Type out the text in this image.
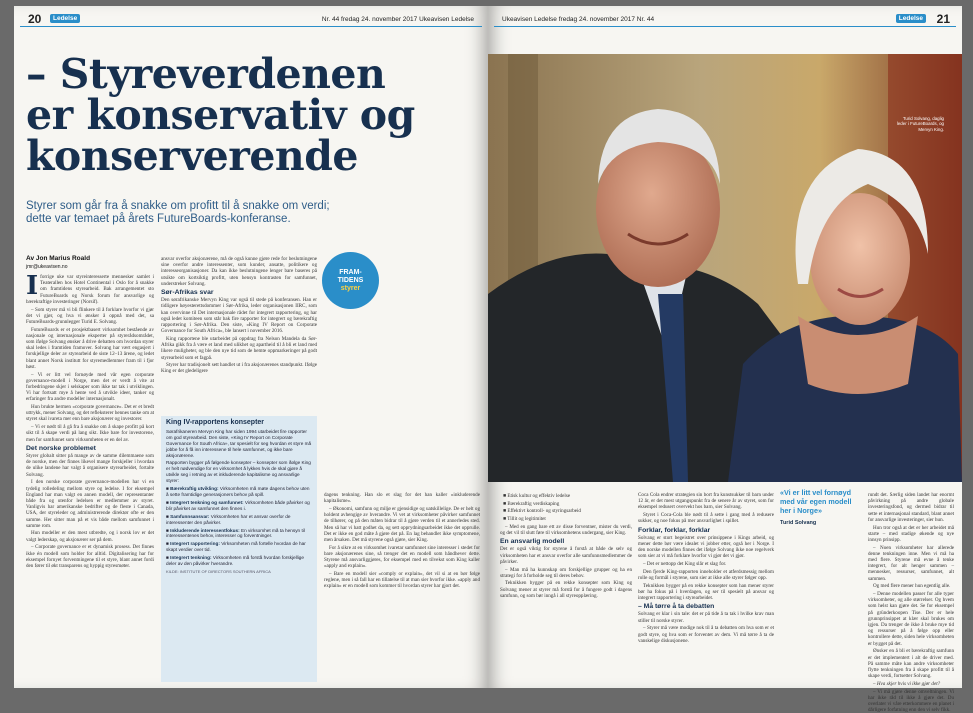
20	Ledelse	Nr. 44 fredag 24. november 2017 Ukeavisen Ledelse
– Styreverdenen
er konservativ og
konserverende
Styrer som går fra å snakke om profitt til å snakke om verdi; dette var temaet på årets FutureBoards-konferanse.
Av Jon Marius Roald
jmr@ukeavisen.no
FRAM-
TIDENS
styrer

Iforrige uke var styreinteresserte mennesker samlet i Teaterallen hos Hotel Continental i Oslo for å snakke om framtidens styrearbeid. Bak arrangementet sto FutureBoards og Norsk forum for ansvarlige og bærekraftige investeringer (Norsif).

– Som styrer må vi bli flinkere til å forklare hvorfor vi gjør det vi gjør, og hva vi ønsker å oppnå med det, sa FutureBoards-grunnlegger Turid E. Solvang.

FutureBoards er et prosjektbasert virksomhet bestående av nasjonale og internasjonale eksperter på styrerådsområdet, som ifølge Solvang ønsker å drive debatten om hvordan styrer skal ledes i framtiden framover. Solvang har vært engasjert i forskjellige deler av styrearbeid de siste 12–13 årene, og ledet blant annet Norsk institutt for styremedlemmer fram til i fjor høst.

– Vi er litt vel fornøyde med vår egen corporate governance-modell i Norge, men det er verdt å vite at forbedringene skjer i selskaper som ikke tar tak i utviklingen. Vi har fortsatt mye å hente ved å utvikle ideer, tanker og erfaringer fra andre modeller internasjonalt.

Hun brukte hermen «corporate governance». Det er et bredt uttrykk, mener Solvang, og det refleksterer hennes tanke om at styret skal ivareta mer enn bare aksjonærer og investorer.

– Vi er nødt til å gå fra å snakke om å skape profitt på kort sikt til å skape verdi på lang sikt. Ikke bare for investorene, men for samfunnet som virksomheten er en del av.

Det norske problemet

Styrer globalt sitter på mange av de samme dilemmaene som de norske, men der finnes likevel mange forskjeller i hvordan de ulike landene har valgt å organisere styrearbeidet, fortalte Solvang.

I den norske corporate governance-modellen har vi en tydelig rolledeling mellom styre og ledelse. I for eksempel England har man valgt en annen modell, der representanter både fra og utenfor ledelsen er medlemmer av styret. Vanligvis har amerikanske bedrifter og de fleste i Canada, USA, der styreleder og administrerende direktør ofte er den samme. Her sitter man på et vis både mellom samfunnet i samme rom.

Hun modeller er den mest utbredte, og i norsk lov er det valgt lederskap, og aksjonærer ser på dem.

– Corporate governance er et dynamisk prosess. Det finnes ikke én modell som holder for alltid. Digitalisering har for eksempel fornyet forventningene til et styre, blant annet fordi den fører til økt transparens og hyppig styresmøter.

ansvar overfor aksjonærene, må de også kunne gjøre rede for beslutningene sine overfor andre interessenter, som kunder, ansatte, politikere og interesseorganisasjoner. Da kan ikke beslutningene lenger bare baseres på utsikte om kortsiktig profitt, uten hensyn kontrasten for samfunnet, understreker Solvang.

Sør-Afrikas svar

Den sørafrikanske Mervyn King var også til stede på konferansen. Han er tidligere høyesterettsdommer i Sør-Afrika, leder organisasjonen IIRC, som kan overvinne til Det internasjonale rådet for integrert rapportering, og har også ledet komiteen som står bak fire rapporter for integrert og bærekraftig rapportering i Sør-Afrika. Den siste, «King IV Report on Corporate Governance for South Africa», ble lansert i november 2016.

King rapportene ble utarbeidet på oppdrag fra Nelson Mandela da Sør-Afrika gikk fra å være et land med ulikhet og apartheid til å bli et land med likere muligheter, og ble den nye tid som de hemte oppmarkeringer på godt styrearbeid som et fagpå.

Styrer har tradisjonelt sett handlet ut i fra aksjonærenes standpunkt. Ifølge King er det gledeligere

King IV-rapportens konsepter

Sørafrikaneren Mervyn King har siden 1994 utarbeidet fire rapporter om god styrearbeid. Den siste, «King IV Report on Corporate Governance for South Africa», tar spesielt for seg hvordan et styre må jobbe for å få inn interessene til hele samfunnet, og ikke bare aksjonærene.

Rapporten bygger på følgende konsepter – konsepter som ifølge King er helt nødvendige for en virksomhet å lykkes hvis de skal gjøre å utvikle seg i retning av et inkluderende kapitalisme og ansvarlige styrer:

■ Bærekraftig utvikling: Virksomheten må møte dagens behov uten å sette framtidige generasjoners behov på spill.

■ Integrert tenkning og samfunnet: Virksomheten både påvirker og blir påvirket av samfunnet den finnes i.

■ Samfunnsansvar: Virksomheten har et ansvar overfor de interessenter den påvirker.

■ Inkluderende interessentfokus: En virksomhet må ta hensyn til interessentenes behov, interesser og forventninger.

■ Integrert rapportering: Virksomheten må fortelle hvordan de har skapt verdier over tid.

■ Integrert tenkning: Virksomheten må forstå hvordan forskjellige deler av den påvirker hverandre.

KILDE: INSTITUTE OF DIRECTORS SOUTHERN AFRICA

dagens tenkning. Han slo et slag for det han kaller «inkluderende kapitalisme».

– Økonomi, samfunn og miljø er gjensidige og uatskillelige. De er helt og holdent avhengige av hverandre. Vi vet at virksomheter påvirker samfunnet de tilhører, og på den måten bidrar til å gjøre verden til et annerledes sted. Men så har vi hatt godhet da, og sett opprydningsarbeidet ikke det opprulle. Det er ikke en god måte å gjøre det på. En lag behandlet ikke symptomene, men årsaken. Det må styrene også gjøre, sier King.

For å sikre at en virksomhet ivaretar samfunnet sine interesser i stedet for bare aksjonærenes sine, så trenger det en modell som håndhever dette. Styrene må ansvarliggjøres, for eksempel med en tilvekst som King kaller «apply and explain».

– Bare en modell sier «comply or explain», det vil si at en bør følge reglene, men i så fall har en tillatelse til at man sier hvorfor ikke. «apply and explain» er en modell som kommer til hvordan styrer har gjort det.

Ukeavisen Ledelse fredag 24. november 2017 Nr. 44	Ledelse 21
Turid Solvang, daglig leder i FutureBoards, og Mervyn King.

■ Etisk kultur og effektiv ledelse

■ Bærekraftig verdiskaping

■ Effektivt kontroll- og styringsarbeid

■ Tillit og legitimitet

– Med en gang bare ett av disse forventner, mister du verdi, og det vil til slutt føre til virksomhetens undergang, sier King.

En ansvarlig modell

Det er også viktig for styrene å forstå at både de selv og virksomheten har et ansvar overfor alle samfunnsmedlemmer de påvirker.

– Man må ha kunnskap om forskjellige grupper og ha en strategi for å forholde seg til deres behov.

Teknikken bygger på en rekke konsepter som King og Solvang mener at styrer må forstå for å fungere godt i dagens samfunn, og som bør inngå i all styreopplæring.

Coca Cola endrer strategien sin bort fra kunstsukker til barn under 12 år, er det mest utgangspunkt fra de senere år av styret, som for eksempel redusert overvekt hos barn, sier Solvang.

Styret i Coca-Cola ble nødt til å sette i gang med å redusere sukker, og noe fokus på mer ansvarlighet i spillet.

Forklar, forklar, forklar

Solvang er stort begeistret over prinsippene i Kings arbeid, og mener dette bør være idealet vi jobber etter, også her i Norge. I den norske modellen finnes det ifølge Solvang ikke noe regelverk som sier at vi må forklare hvorfor vi gjør det vi gjør.

– Det er nettopp det King slår et slag for.

Den fjerde King-rapporten inneholder et atferdsmessig mellom rolle og formål i styrene, som sier at ikke alle styrer følger opp.

Teknikken bygger på en rekke konsepter som han mener styrer bør ha fokus på i hverdagen, og ser til spesielt på ansvar og integrert rapportering i styrearbeidet.

– Må tørre å ta debatten

Solvang er klar i sin tale: det er på tide å ta tak i hvilke krav man stiller til norske styrer.

– Styrer må være modige nok til å ta debatten om hva som er et godt styre, og hva som er forventet av dem. Vi må tørre å ta de vanskelige diskusjonene.

«Vi er litt vel fornøyd med vår egen modell her i Norge»
Turid Solvang

rundt det. Særlig siden landet har enormt påvirkning på andre globale investeringsfond, og dermed bidrar til sette et internasjonal standard, blant annet for ansvarlige investeringer, sier hun.

Hun tror også at det er her arbeidet må starte – med stadige økende og nye innsyn prinsipp.

– Noen virksomheter har allerede denne tenkningen inne. Men vi må ha med flere. Styrene må evne å tenke integrert, for alt henger sammen – mennesker, ressurser, samfunnet, alt sammen.

Og med flere mener hun egentlig alle.

– Denne modellen passer for alle typer virksomheter, og alle størrelser. Og hvem som helst kan gjøre det. Se for eksempel på gründerkoopen Tise. Der er hele grunnprinsippet at klær skal brukes om igjen. Da trenger de ikke å bruke mye tid og ressurser på å følge opp eller kontrollere dette, siden hele virksomheten er bygget på det.

Ønsker en å bli et bærekraftig samfunn er det implementert i alt de driver med. På samme måte kan andre virksomheter flytte tenkningen fra å skape profitt til å skape verdi, fortsetter Solvang.

– Hva skjer hvis vi ikke gjør det?

– Vi må gjøre denne omveltningen. Vi har ikke råd til ikke å gjøre det. Du overlater vi våre etterkommere en planet i dårligere forfatning enn den vi selv fikk.
